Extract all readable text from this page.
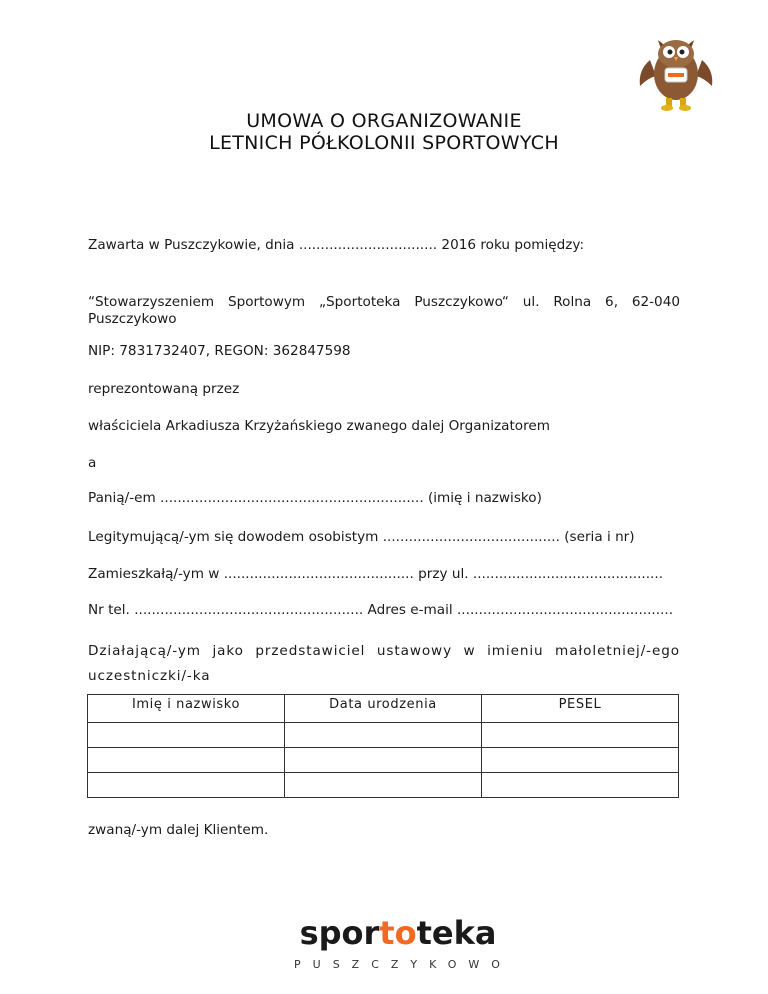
UMOWA O ORGANIZOWANIE
LETNICH PÓŁKOLONII SPORTOWYCH
Zawarta w Puszczykowie, dnia ................................ 2016 roku pomiędzy:
“Stowarzyszeniem Sportowym „Sportoteka Puszczykowo“ ul. Rolna 6, 62-040 Puszczykowo
NIP: 7831732407, REGON: 362847598
reprezontowaną przez
właściciela Arkadiusza Krzyżańskiego zwanego dalej Organizatorem
a
Panią/-em ............................................................. (imię i nazwisko)
Legitymującą/-ym się dowodem osobistym ......................................... (seria i nr)
Zamieszkałą/-ym w ............................................ przy ul. ............................................
Nr tel. ..................................................... Adres e-mail ..................................................
Działającą/-ym jako przedstawiciel ustawowy w imieniu małoletniej/-ego uczestniczki/-ka
Imię i nazwisko	Data urodzenia	PESEL

zwaną/-ym dalej Klientem.
sportoteka
PUSZCZYKOWO
